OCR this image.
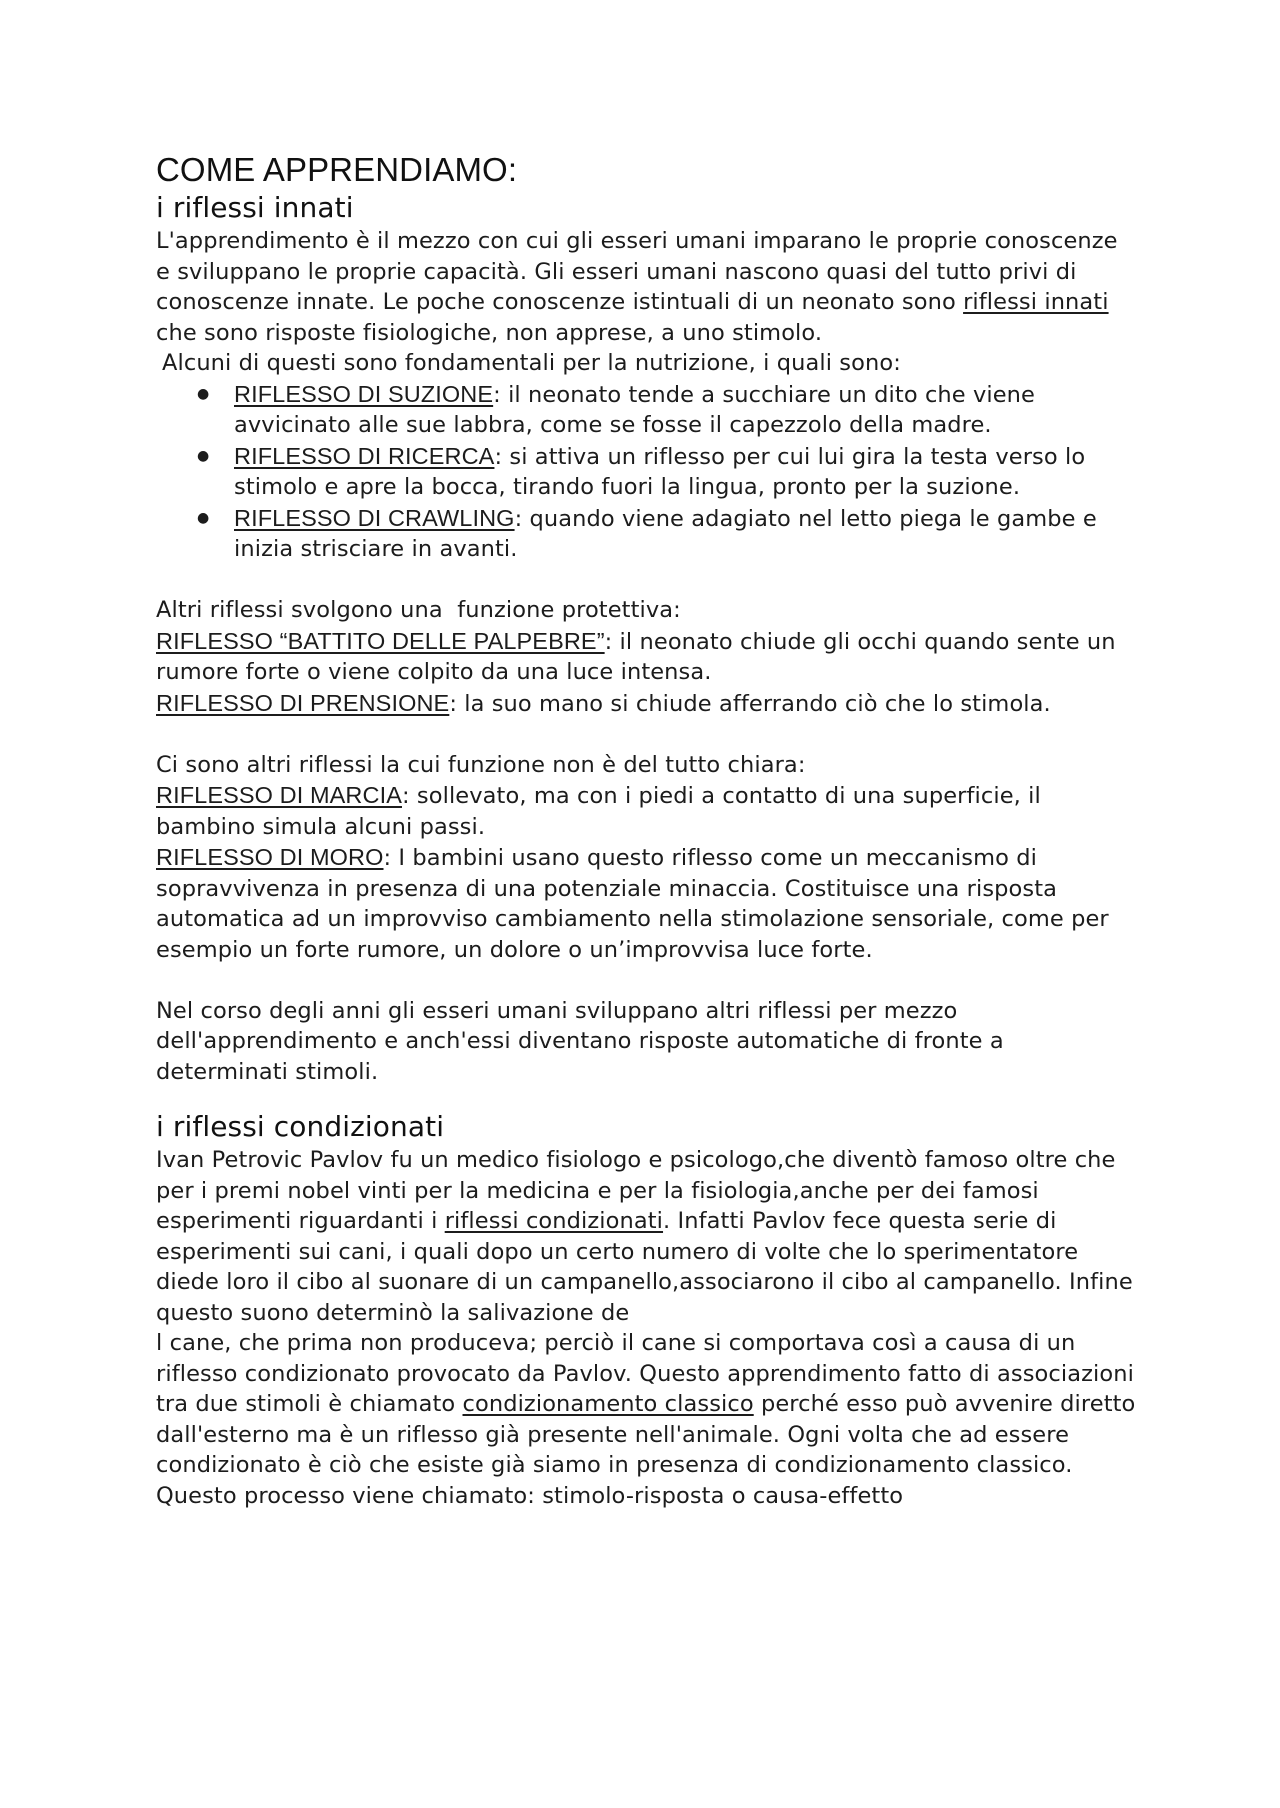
COME APPRENDIAMO:
i riflessi innati

L'apprendimento è il mezzo con cui gli esseri umani imparano le proprie conoscenze e sviluppano le proprie capacità. Gli esseri umani nascono quasi del tutto privi di conoscenze innate. Le poche conoscenze istintuali di un neonato sono riflessi innati che sono risposte fisiologiche, non apprese, a uno stimolo.

Alcuni di questi sono fondamentali per la nutrizione, i quali sono:

● RIFLESSO DI SUZIONE: il neonato tende a succhiare un dito che viene avvicinato alle sue labbra, come se fosse il capezzolo della madre.
● RIFLESSO DI RICERCA: si attiva un riflesso per cui lui gira la testa verso lo stimolo e apre la bocca, tirando fuori la lingua, pronto per la suzione.
● RIFLESSO DI CRAWLING: quando viene adagiato nel letto piega le gambe e inizia strisciare in avanti.

Altri riflessi svolgono una  funzione protettiva:

RIFLESSO “BATTITO DELLE PALPEBRE”: il neonato chiude gli occhi quando sente un rumore forte o viene colpito da una luce intensa.

RIFLESSO DI PRENSIONE: la suo mano si chiude afferrando ciò che lo stimola.

Ci sono altri riflessi la cui funzione non è del tutto chiara:

RIFLESSO DI MARCIA: sollevato, ma con i piedi a contatto di una superficie, il bambino simula alcuni passi.

RIFLESSO DI MORO: I bambini usano questo riflesso come un meccanismo di sopravvivenza in presenza di una potenziale minaccia. Costituisce una risposta automatica ad un improvviso cambiamento nella stimolazione sensoriale, come per esempio un forte rumore, un dolore o un’improvvisa luce forte.

Nel corso degli anni gli esseri umani sviluppano altri riflessi per mezzo dell'apprendimento e anch'essi diventano risposte automatiche di fronte a determinati stimoli.

i riflessi condizionati

Ivan Petrovic Pavlov fu un medico fisiologo e psicologo,che diventò famoso oltre che per i premi nobel vinti per la medicina e per la fisiologia,anche per dei famosi esperimenti riguardanti i riflessi condizionati. Infatti Pavlov fece questa serie di esperimenti sui cani, i quali dopo un certo numero di volte che lo sperimentatore diede loro il cibo al suonare di un campanello,associarono il cibo al campanello. Infine questo suono determinò la salivazione de
l cane, che prima non produceva; perciò il cane si comportava così a causa di un riflesso condizionato provocato da Pavlov. Questo apprendimento fatto di associazioni tra due stimoli è chiamato condizionamento classico perché esso può avvenire diretto dall'esterno ma è un riflesso già presente nell'animale. Ogni volta che ad essere condizionato è ciò che esiste già siamo in presenza di condizionamento classico. Questo processo viene chiamato: stimolo-risposta o causa-effetto
